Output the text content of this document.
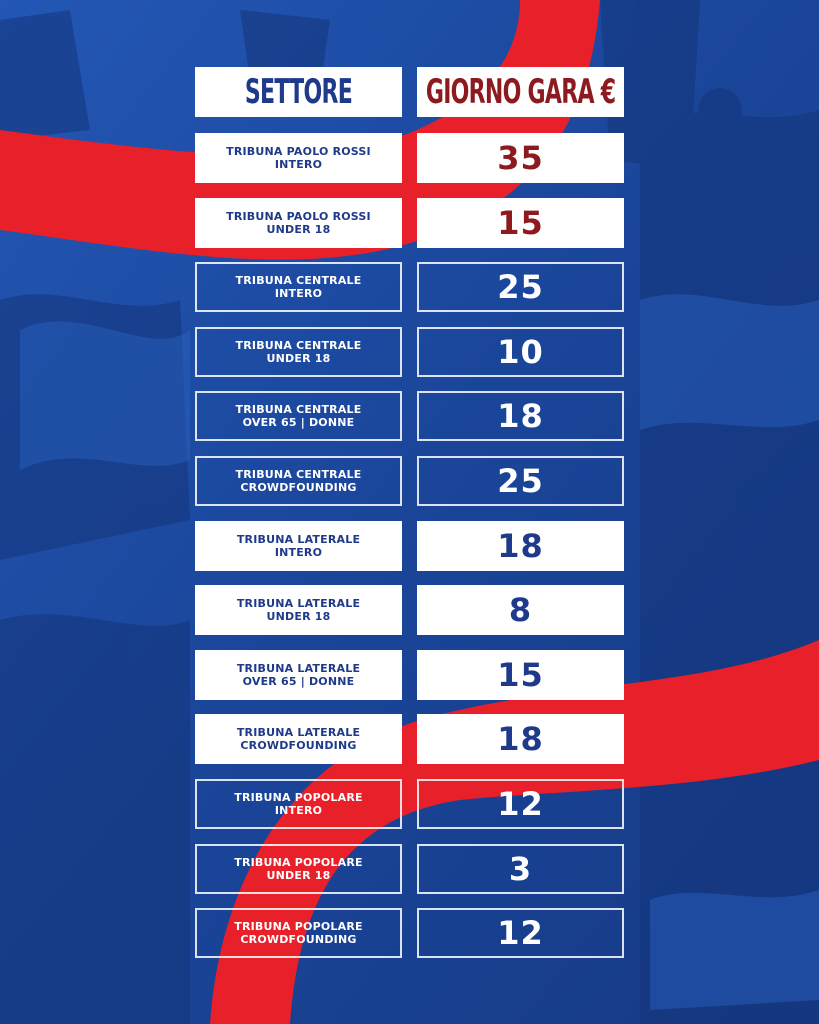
SETTORE GIORNO GARA €
TRIBUNA PAOLO ROSSI
INTERO	35
TRIBUNA PAOLO ROSSI
UNDER 18	15
TRIBUNA CENTRALE
INTERO	25
TRIBUNA CENTRALE
UNDER 18	10
TRIBUNA CENTRALE
OVER 65 | DONNE	18
TRIBUNA CENTRALE
CROWDFOUNDING	25
TRIBUNA LATERALE
INTERO	18
TRIBUNA LATERALE
UNDER 18	8
TRIBUNA LATERALE
OVER 65 | DONNE	15
TRIBUNA LATERALE
CROWDFOUNDING	18
TRIBUNA POPOLARE
INTERO	12
TRIBUNA POPOLARE
UNDER 18	3
TRIBUNA POPOLARE
CROWDFOUNDING	12
